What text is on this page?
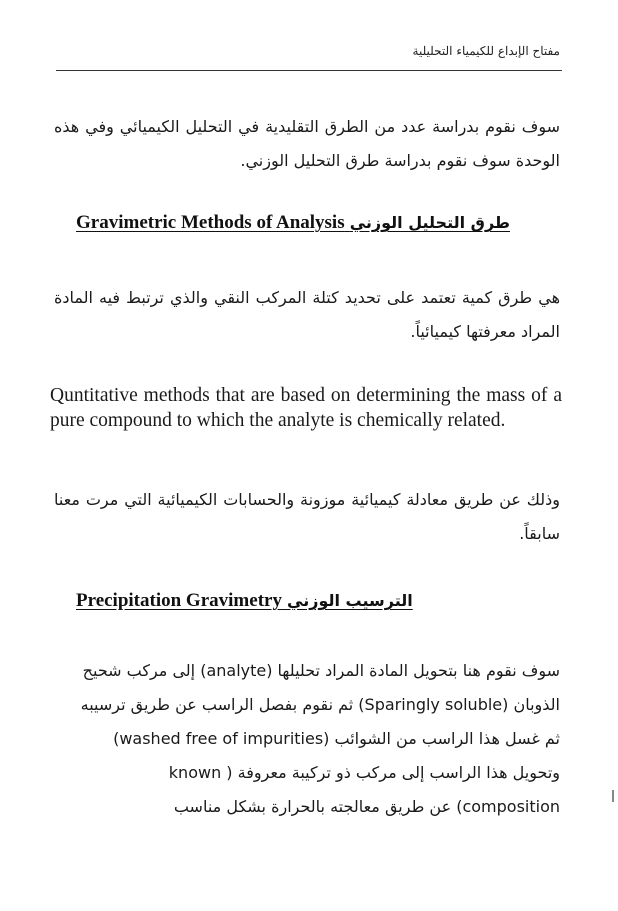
مفتاح الإبداع للكيمياء التحليلية
سوف نقوم بدراسة عدد من الطرق التقليدية في التحليل الكيميائي وفي هذه الوحدة سوف نقوم بدراسة طرق التحليل الوزني.
Gravimetric Methods of Analysis طرق التحليل الوزني
هي طرق كمية تعتمد على تحديد كتلة المركب النقي والذي ترتبط فيه المادة المراد معرفتها كيميائياً.
Quntitative methods that are based on determining the mass of a pure compound to which the analyte is chemically related.
وذلك عن طريق معادلة كيميائية موزونة والحسابات الكيميائية التي مرت معنا سابقاً.
Precipitation Gravimetry الترسيب الوزني
سوف نقوم هنا بتحويل المادة المراد تحليلها (analyte) إلى مركب شحيح
الذوبان (Sparingly soluble) ثم نقوم بفصل الراسب عن طريق ترسيبه
ثم غسل هذا الراسب من الشوائب (washed free of impurities)
وتحويل هذا الراسب إلى مركب ذو تركيبة معروفة ( known
composition) عن طريق معالجته بالحرارة بشكل مناسب
